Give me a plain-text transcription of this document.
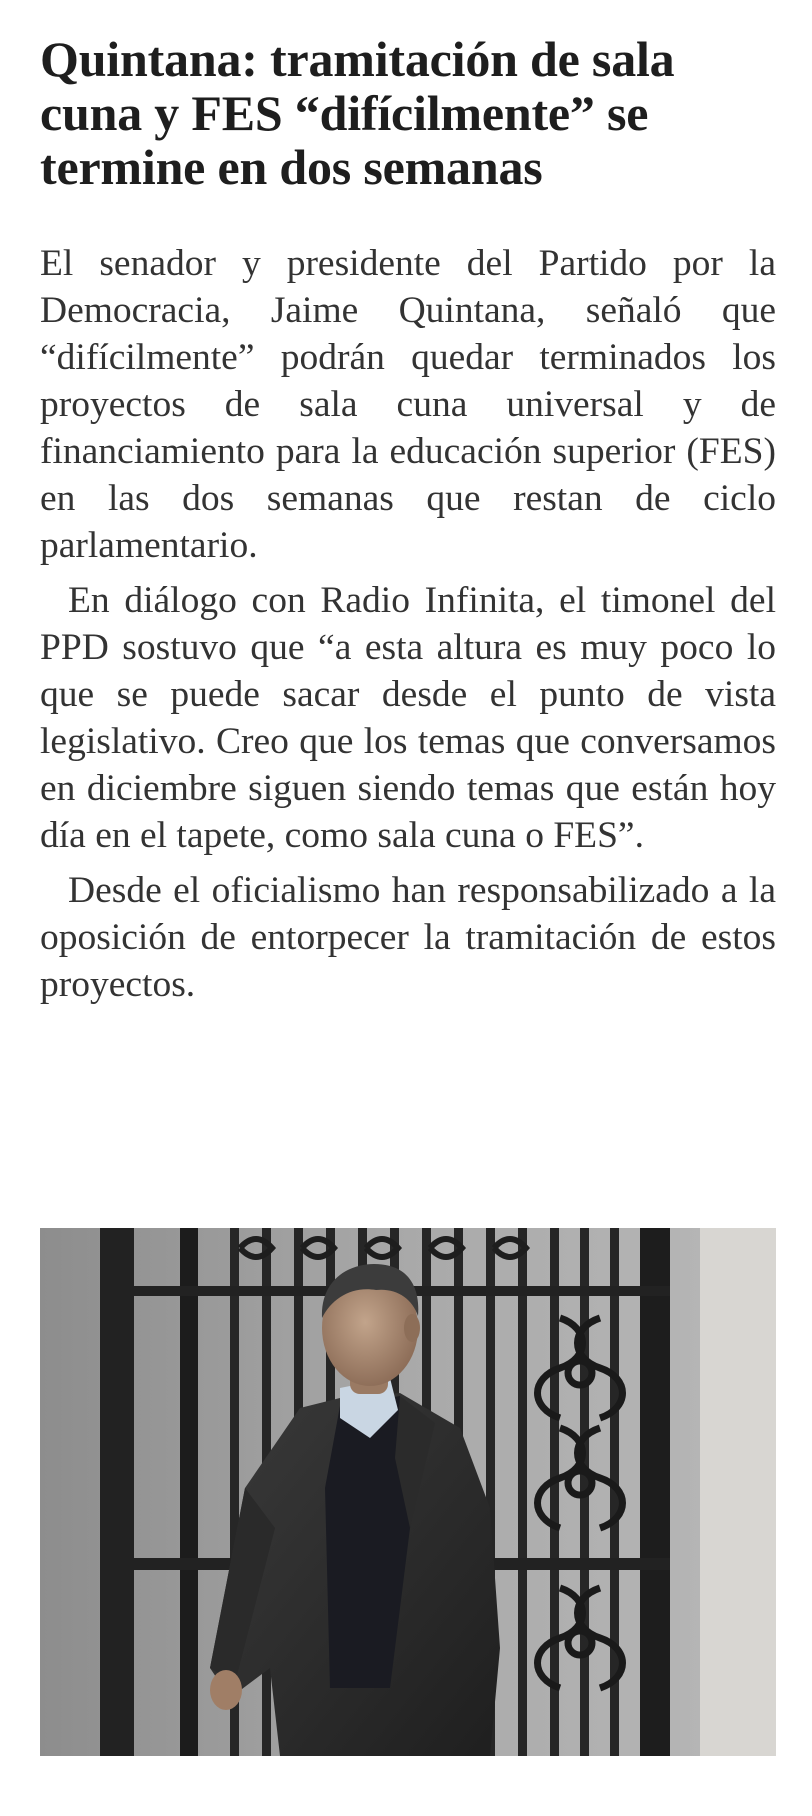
Quintana: tramitación de sala cuna y FES “difícilmente” se termine en dos semanas

El senador y presidente del Partido por la Democracia, Jaime Quintana, señaló que “difícilmente” podrán quedar terminados los proyectos de sala cuna universal y de financiamiento para la educación superior (FES) en las dos semanas que restan de ciclo parlamentario.

En diálogo con Radio Infinita, el timonel del PPD sostuvo que “a esta altura es muy poco lo que se puede sacar desde el punto de vista legislativo. Creo que los temas que conversamos en diciembre siguen siendo temas que están hoy día en el tapete, como sala cuna o FES”.

Desde el oficialismo han responsabilizado a la oposición de entorpecer la tramitación de estos proyectos.
